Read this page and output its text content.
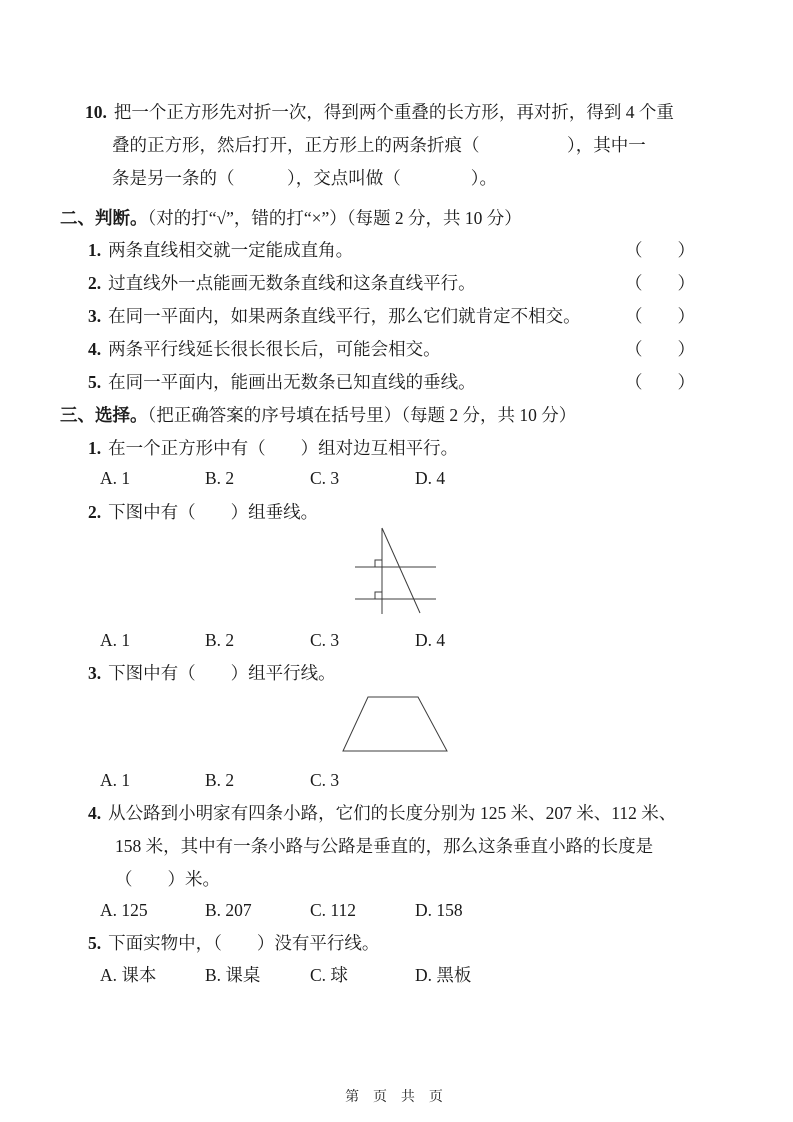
10. 把一个正方形先对折一次，得到两个重叠的长方形，再对折，得到 4 个重
叠的正方形，然后打开，正方形上的两条折痕（　　　　　），其中一
条是另一条的（　　　），交点叫做（　　　　）。
二、判断。（对的打“√”，错的打“×”）（每题 2 分，共 10 分）
1. 两条直线相交就一定能成直角。	（　　）
2. 过直线外一点能画无数条直线和这条直线平行。	（　　）
3. 在同一平面内，如果两条直线平行，那么它们就肯定不相交。	（　　）
4. 两条平行线延长很长很长后，可能会相交。	（　　）
5. 在同一平面内，能画出无数条已知直线的垂线。	（　　）
三、选择。（把正确答案的序号填在括号里）（每题 2 分，共 10 分）
1. 在一个正方形中有（　　）组对边互相平行。
A. 1	B. 2	C. 3	D. 4
2. 下图中有（　　）组垂线。
A. 1	B. 2	C. 3	D. 4
3. 下图中有（　　）组平行线。
A. 1	B. 2	C. 3
4. 从公路到小明家有四条小路，它们的长度分别为 125 米、207 米、112 米、
158 米，其中有一条小路与公路是垂直的，那么这条垂直小路的长度是
（　　）米。
A. 125	B. 207	C. 112	D. 158
5. 下面实物中，（　　）没有平行线。
A. 课本	B. 课桌	C. 球	D. 黑板
第 页 共 页
